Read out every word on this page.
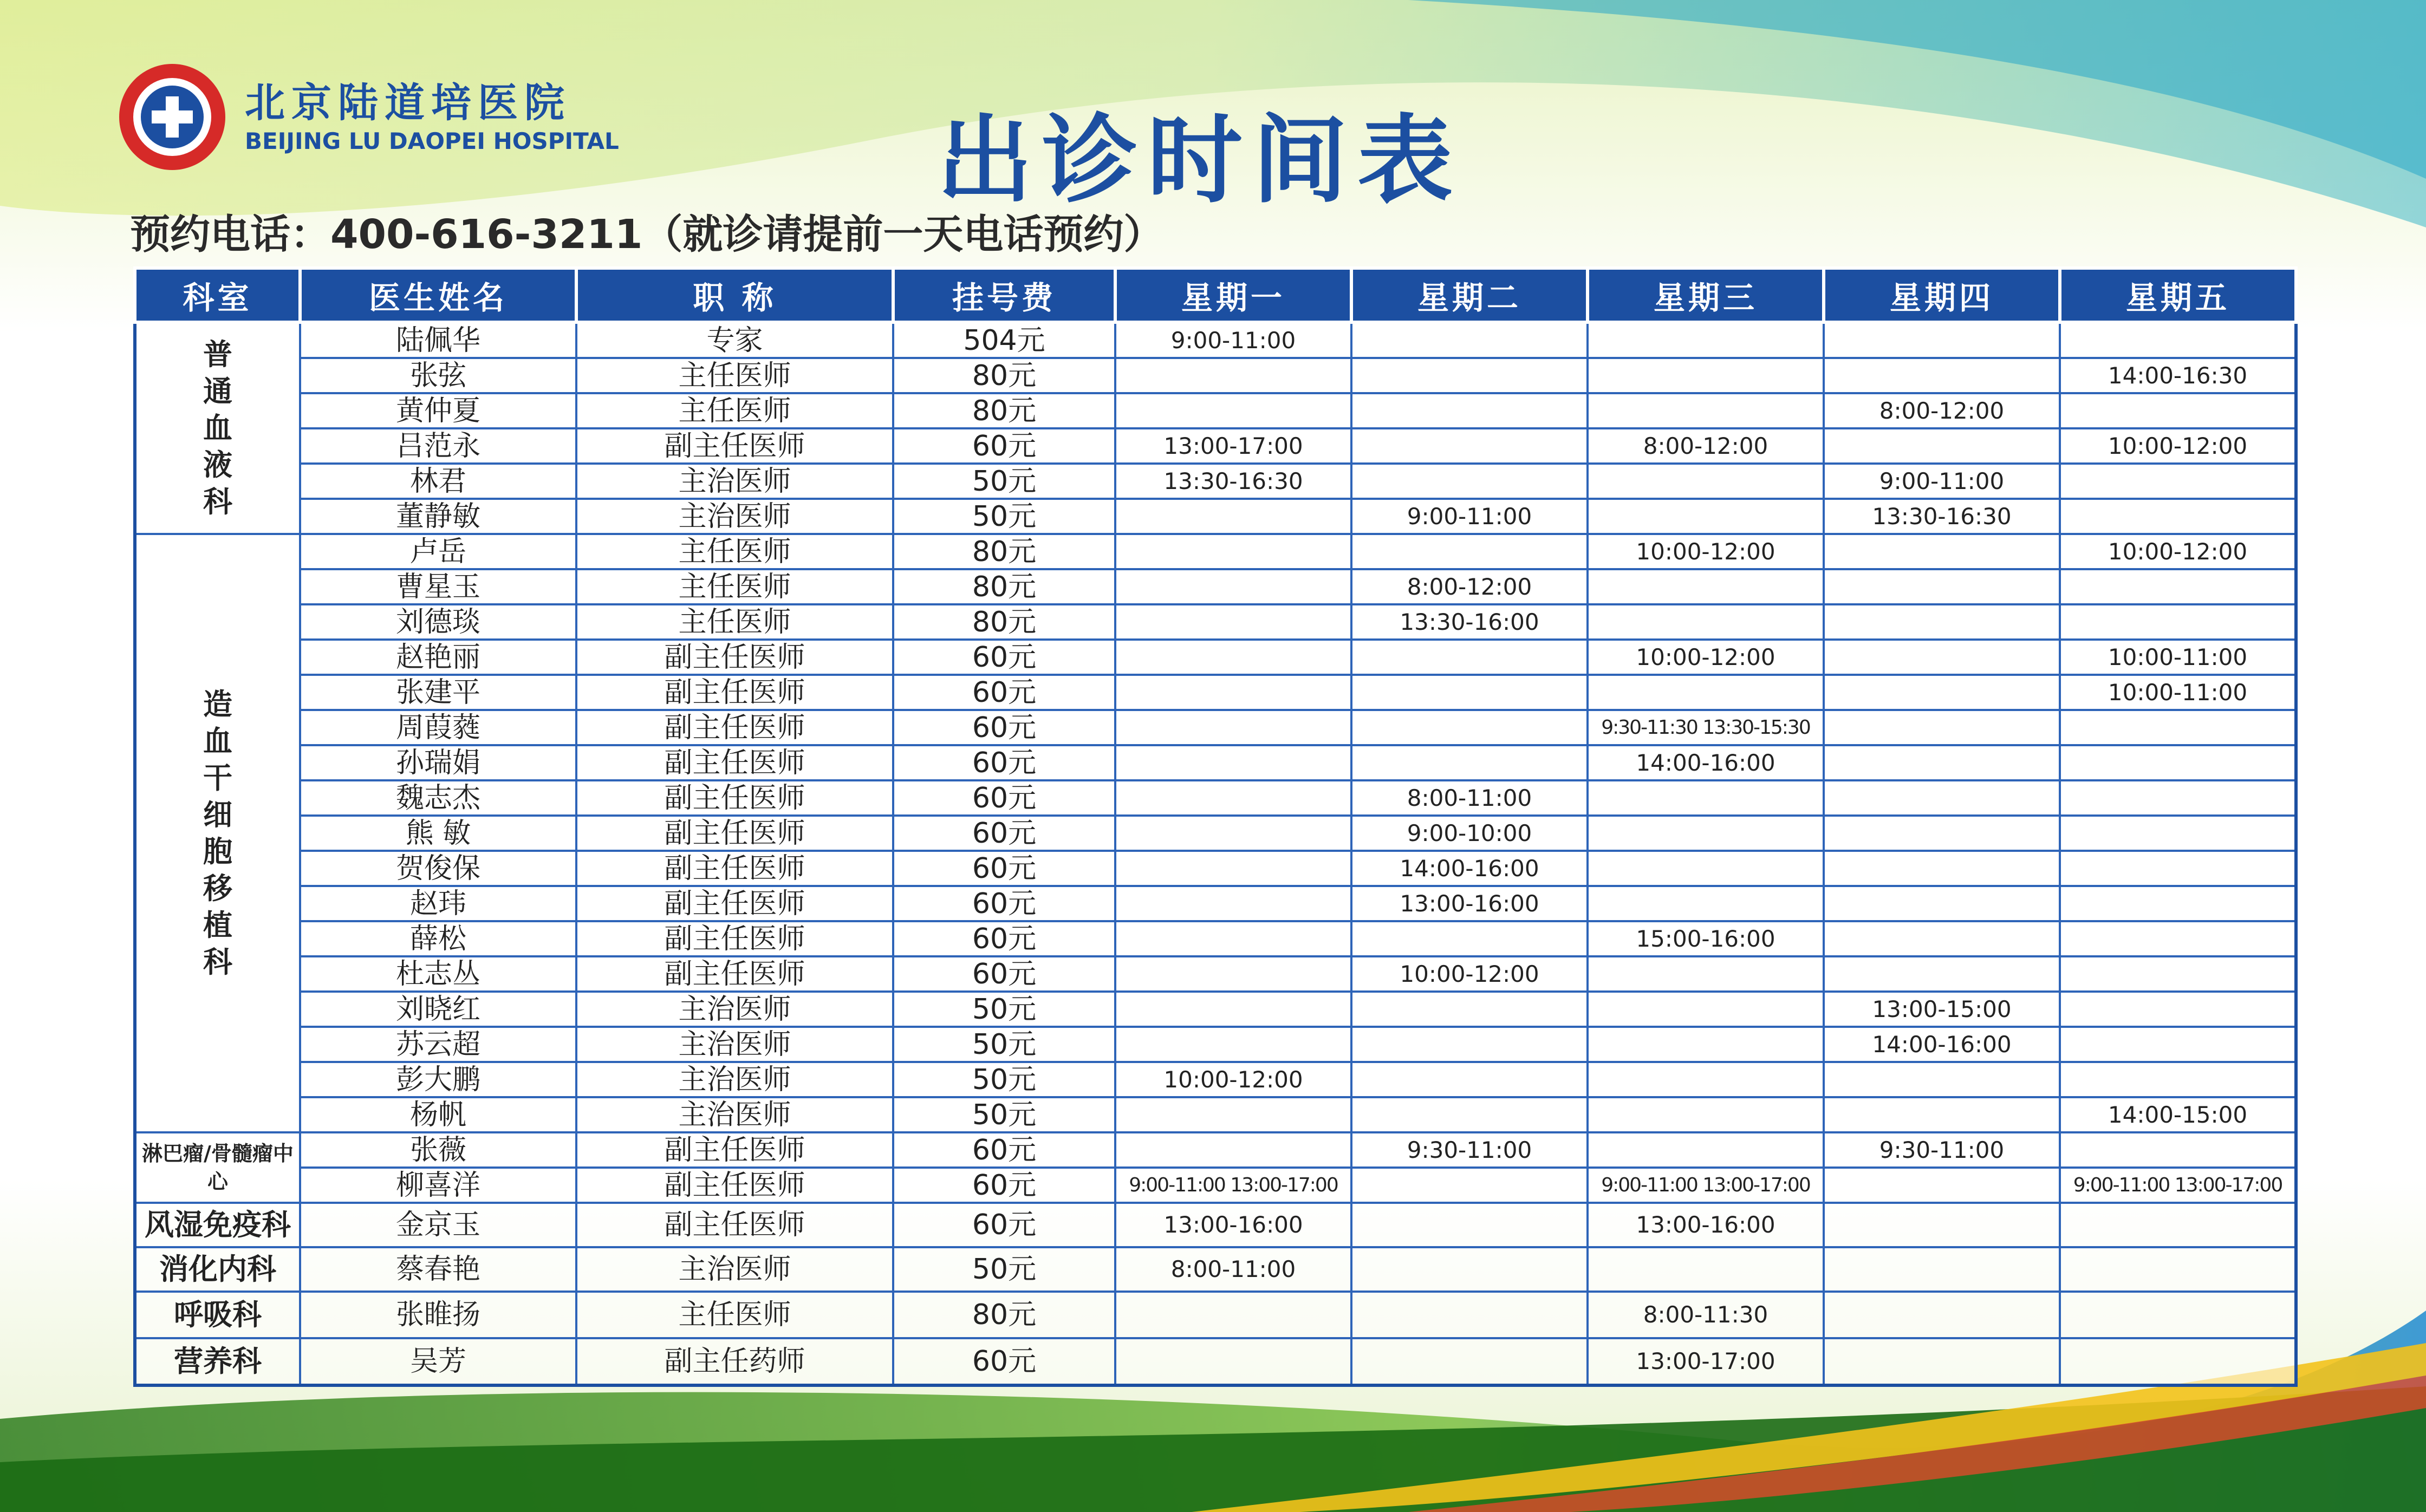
北京陆道培医院
BEIJING LU DAOPEI HOSPITAL	出诊时间表
预约电话：400-616-3211（就诊请提前一天电话预约）
科室	医生姓名	职 称	挂号费	星期一	星期二	星期三	星期四	星期五

普通血液科	陆佩华	专家	504元	9:00-11:00				
	张弦	主任医师	80元					14:00-16:30
	黄仲夏	主任医师	80元				8:00-12:00	
	吕范永	副主任医师	60元	13:00-17:00		8:00-12:00		10:00-12:00
	林君	主治医师	50元	13:30-16:30			9:00-11:00	
	董静敏	主治医师	50元		9:00-11:00		13:30-16:30	

造血干细胞移植科	卢岳	主任医师	80元			10:00-12:00		10:00-12:00
	曹星玉	主任医师	80元		8:00-12:00			
	刘德琰	主任医师	80元		13:30-16:00			
	赵艳丽	副主任医师	60元			10:00-12:00		10:00-11:00
	张建平	副主任医师	60元					10:00-11:00
	周葭蕤	副主任医师	60元			9:30-11:30 13:30-15:30		
	孙瑞娟	副主任医师	60元			14:00-16:00		
	魏志杰	副主任医师	60元		8:00-11:00			
	熊 敏	副主任医师	60元		9:00-10:00			
	贺俊保	副主任医师	60元		14:00-16:00			
	赵玮	副主任医师	60元		13:00-16:00			
	薛松	副主任医师	60元			15:00-16:00		
	杜志丛	副主任医师	60元		10:00-12:00			
	刘晓红	主治医师	50元				13:00-15:00	
	苏云超	主治医师	50元				14:00-16:00	
	彭大鹏	主治医师	50元	10:00-12:00				
	杨帆	主治医师	50元					14:00-15:00
淋巴瘤/骨髓瘤中心	张薇	副主任医师	60元		9:30-11:00		9:30-11:00	
	柳喜洋	副主任医师	60元	9:00-11:00 13:00-17:00		9:00-11:00 13:00-17:00		9:00-11:00 13:00-17:00
风湿免疫科	金京玉	副主任医师	60元	13:00-16:00		13:00-16:00		
消化内科	蔡春艳	主治医师	50元	8:00-11:00				
呼吸科	张睢扬	主任医师	80元			8:00-11:30		
营养科	吴芳	副主任药师	60元			13:00-17:00		
